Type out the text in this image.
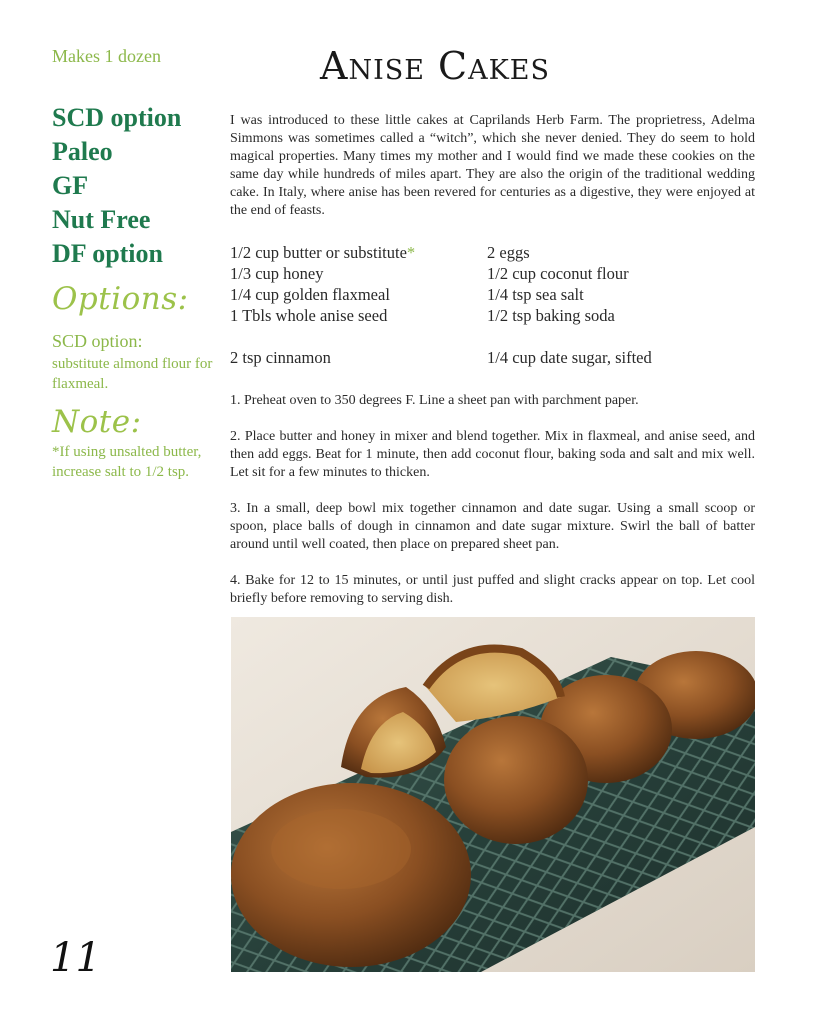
Makes 1 dozen
SCD option
Paleo
GF
Nut Free
DF option
Options:
SCD option:

substitute almond flour for flaxmeal.

Note:

*If using unsalted butter, increase salt to 1/2 tsp.

Anise Cakes

I was introduced to these little cakes at Caprilands Herb Farm. The proprietress, Adelma Simmons was sometimes called a “witch”, which she never denied. They do seem to hold magical properties. Many times my mother and I would find we made these cookies on the same day while hundreds of miles apart. They are also the origin of the traditional wedding cake. In Italy, where anise has been revered for centuries as a digestive, they were enjoyed at the end of feasts.

1/2 cup butter or substitute*	2 eggs
1/3 cup honey	1/2 cup coconut flour
1/4 cup golden flaxmeal	1/4 tsp sea salt
1 Tbls whole anise seed	1/2 tsp baking soda
2 tsp cinnamon	1/4 cup date sugar, sifted

1. Preheat oven to 350 degrees F. Line a sheet pan with parchment paper.

2. Place butter and honey in mixer and blend together. Mix in flaxmeal, and anise seed, and then add eggs. Beat for 1 minute, then add coconut flour, baking soda and salt and mix well. Let sit for a few minutes to thicken.

3. In a small, deep bowl mix together cinnamon and date sugar. Using a small scoop or spoon, place balls of dough in cinnamon and date sugar mixture. Swirl the ball of batter around until well coated, then place on prepared sheet pan.

4. Bake for 12 to 15 minutes, or until just puffed and slight cracks appear on top. Let cool briefly before removing to serving dish.

11
